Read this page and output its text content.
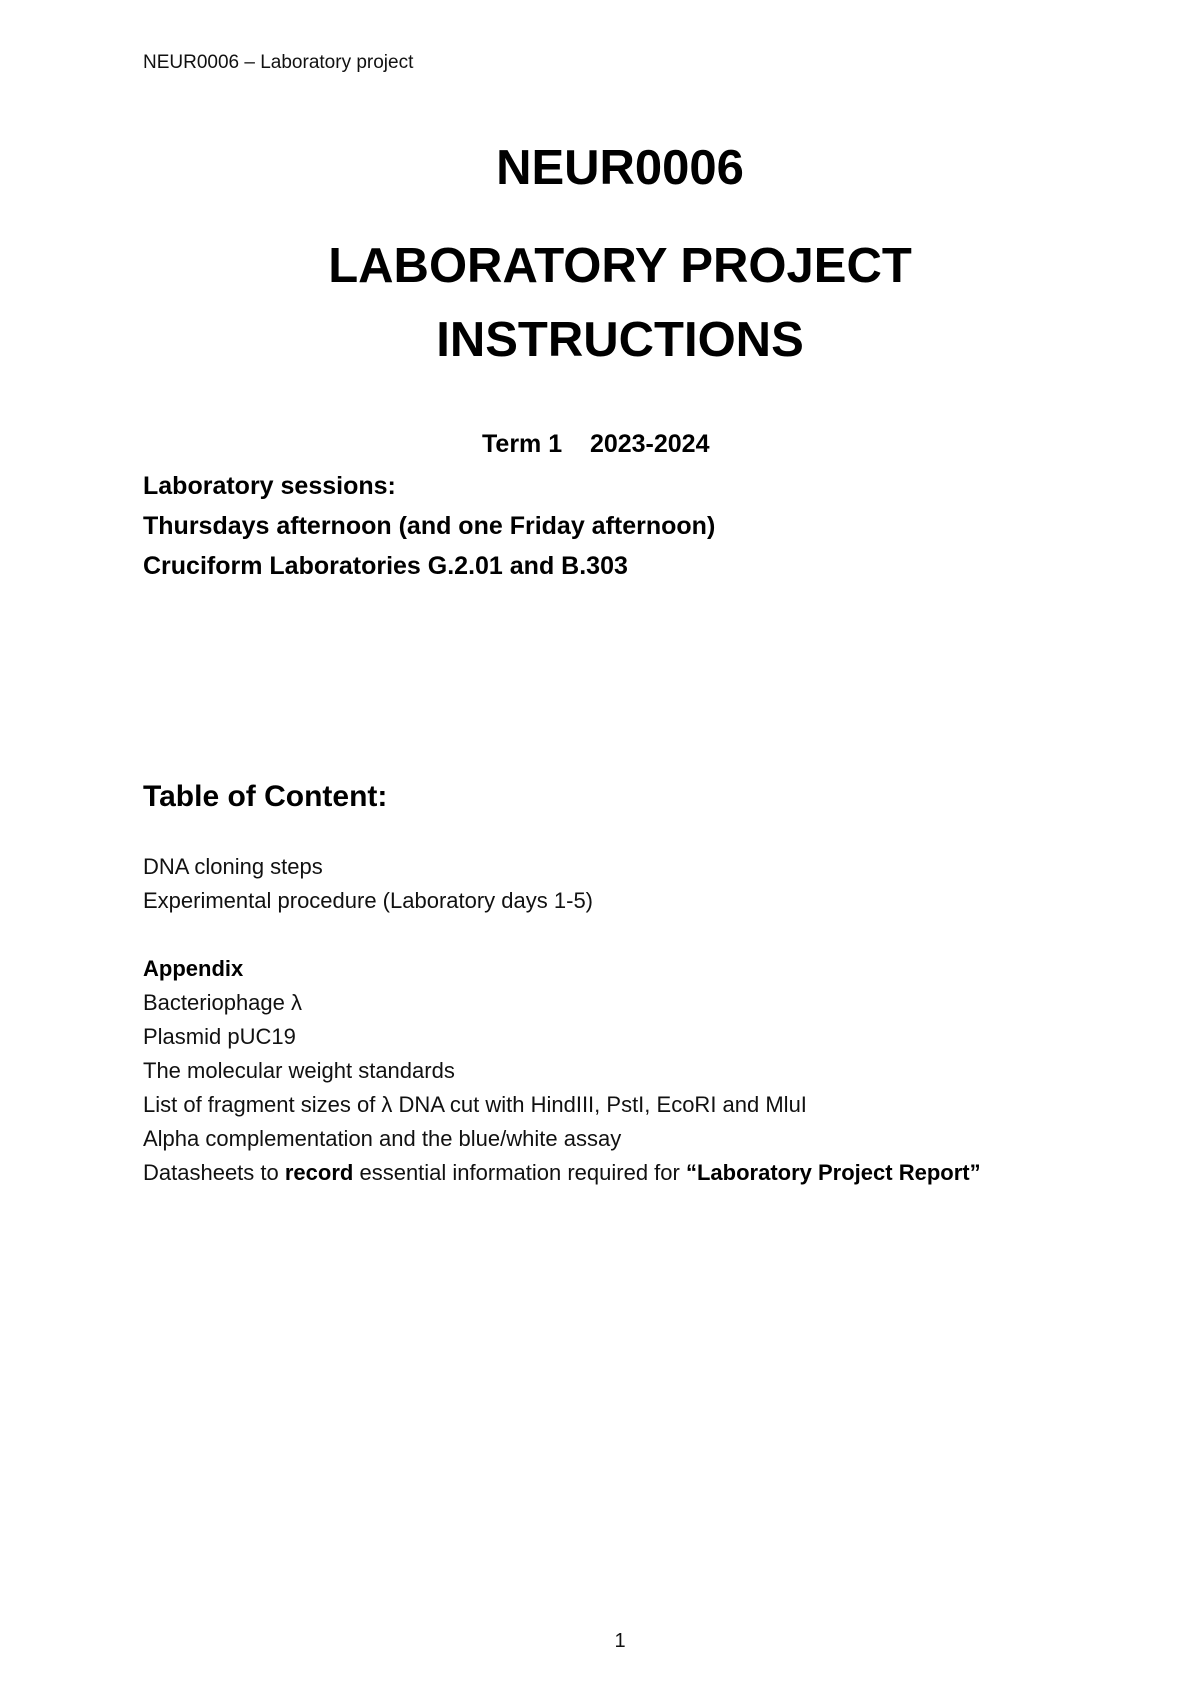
NEUR0006 – Laboratory project
NEUR0006
LABORATORY PROJECT
INSTRUCTIONS
Term 1 2023-2024
Laboratory sessions:
Thursdays afternoon (and one Friday afternoon)
Cruciform Laboratories G.2.01 and B.303
Table of Content:
DNA cloning steps
Experimental procedure (Laboratory days 1-5)
Appendix
Bacteriophage λ
Plasmid pUC19
The molecular weight standards
List of fragment sizes of λ DNA cut with HindIII, PstI, EcoRI and MluI
Alpha complementation and the blue/white assay
Datasheets to record essential information required for “Laboratory Project Report”
1
